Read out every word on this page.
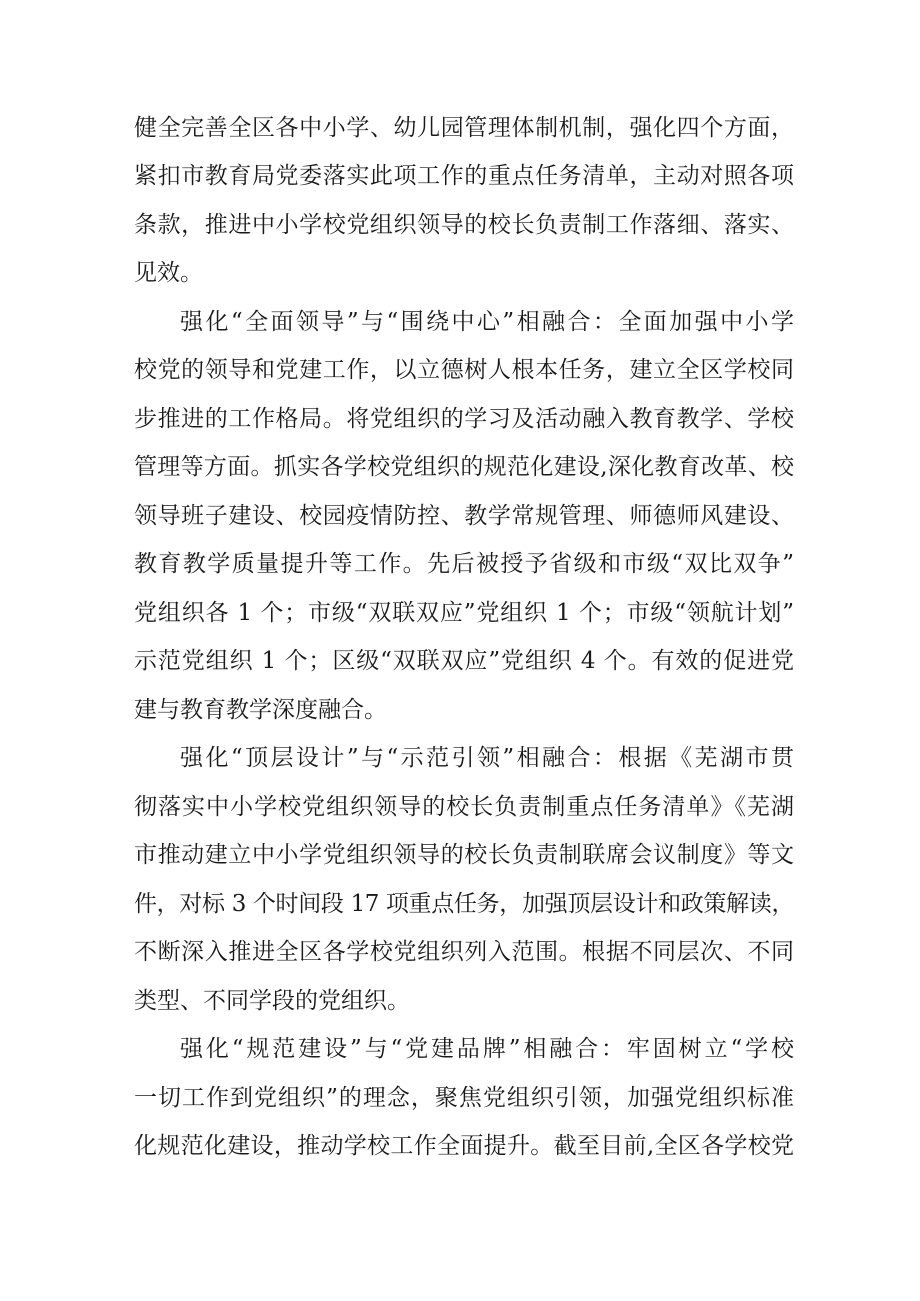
健全完善全区各中小学、幼儿园管理体制机制，强化四个方面，
紧扣市教育局党委落实此项工作的重点任务清单，主动对照各项
条款，推进中小学校党组织领导的校长负责制工作落细、落实、
见效。
强化“全面领导”与“围绕中心”相融合：全面加强中小学
校党的领导和党建工作，以立德树人根本任务，建立全区学校同
步推进的工作格局。将党组织的学习及活动融入教育教学、学校
管理等方面。抓实各学校党组织的规范化建设,深化教育改革、校
领导班子建设、校园疫情防控、教学常规管理、师德师风建设、
教育教学质量提升等工作。先后被授予省级和市级“双比双争”
党组织各 1 个；市级“双联双应”党组织 1 个；市级“领航计划”
示范党组织 1 个；区级“双联双应”党组织 4 个。有效的促进党
建与教育教学深度融合。
强化“顶层设计”与“示范引领”相融合：根据《芜湖市贯
彻落实中小学校党组织领导的校长负责制重点任务清单》《芜湖
市推动建立中小学党组织领导的校长负责制联席会议制度》等文
件，对标 3 个时间段 17 项重点任务，加强顶层设计和政策解读，
不断深入推进全区各学校党组织列入范围。根据不同层次、不同
类型、不同学段的党组织。
强化“规范建设”与“党建品牌”相融合：牢固树立“学校
一切工作到党组织”的理念，聚焦党组织引领，加强党组织标准
化规范化建设，推动学校工作全面提升。截至目前,全区各学校党
